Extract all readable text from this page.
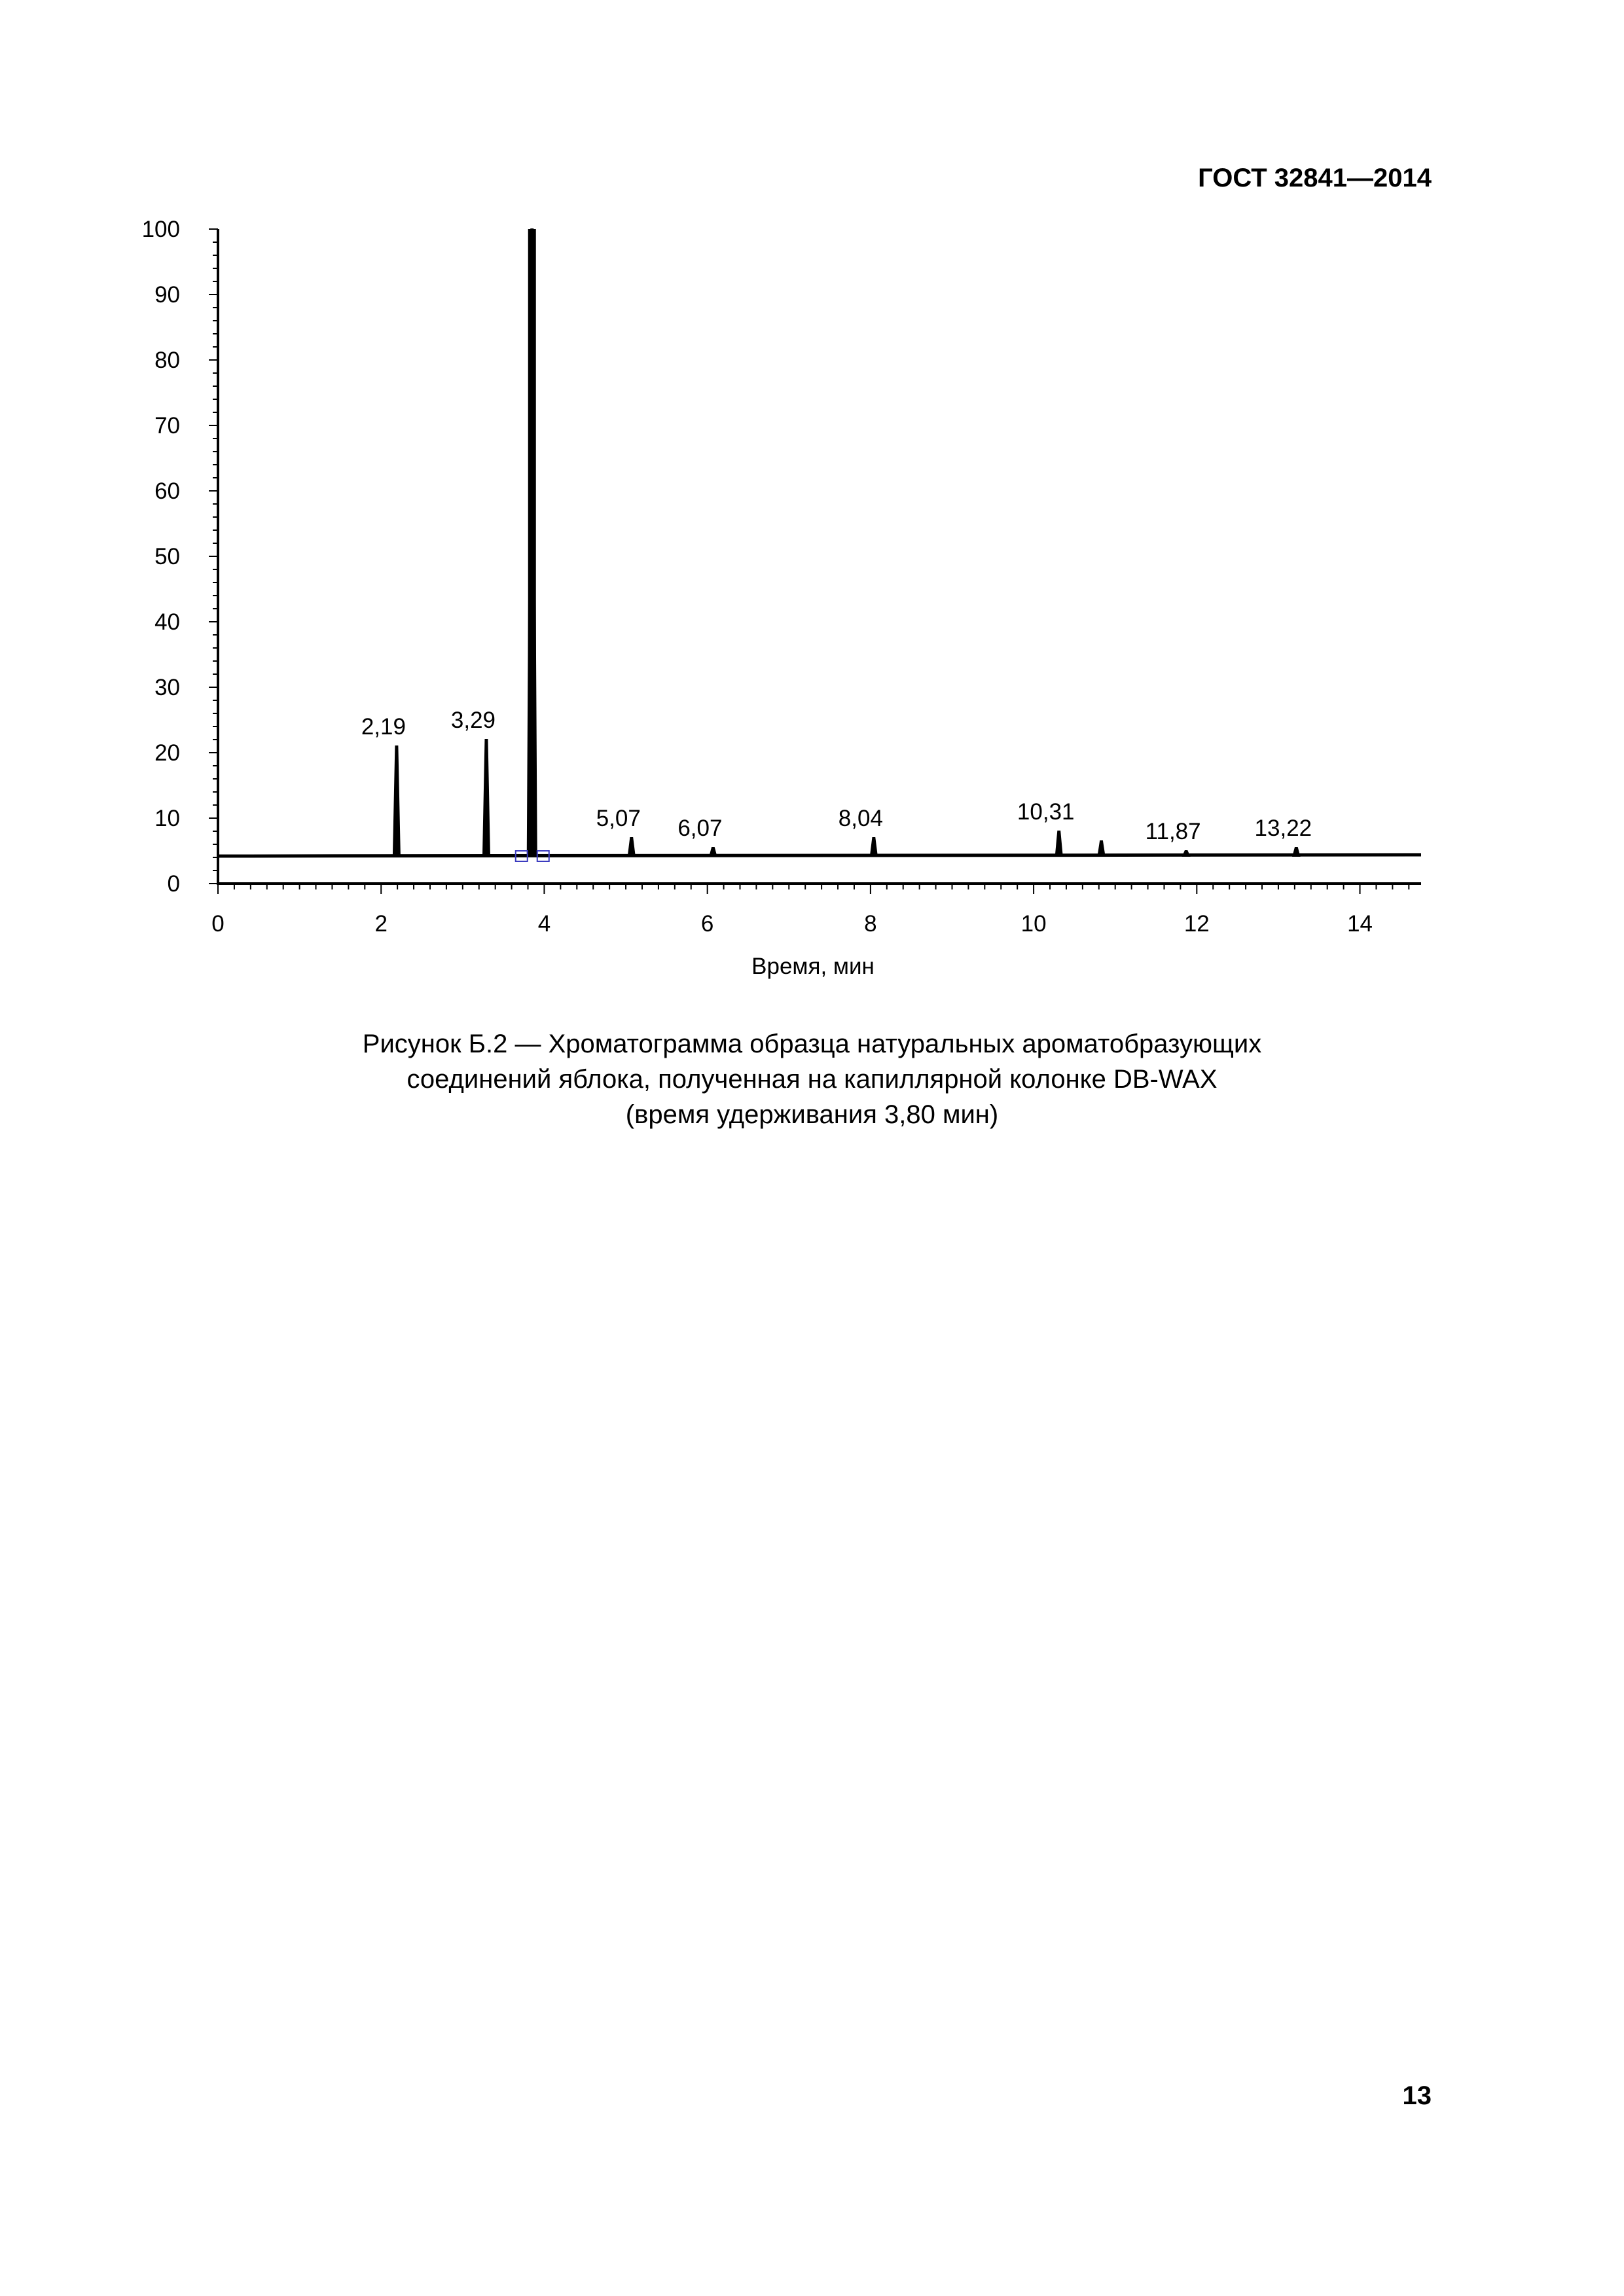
ГОСТ 32841—2014
0
10
20
30
40
50
60
70
80
90
100
0	2	4	6	8	10	12	14
Время, мин
2,19 3,29
5,07 6,07	8,04	10,31
11,87 13,22
Рисунок Б.2 — Хроматограмма образца натуральных ароматобразующих
соединений яблока, полученная на капиллярной колонке DB-WAX
(время удерживания 3,80 мин)
13
